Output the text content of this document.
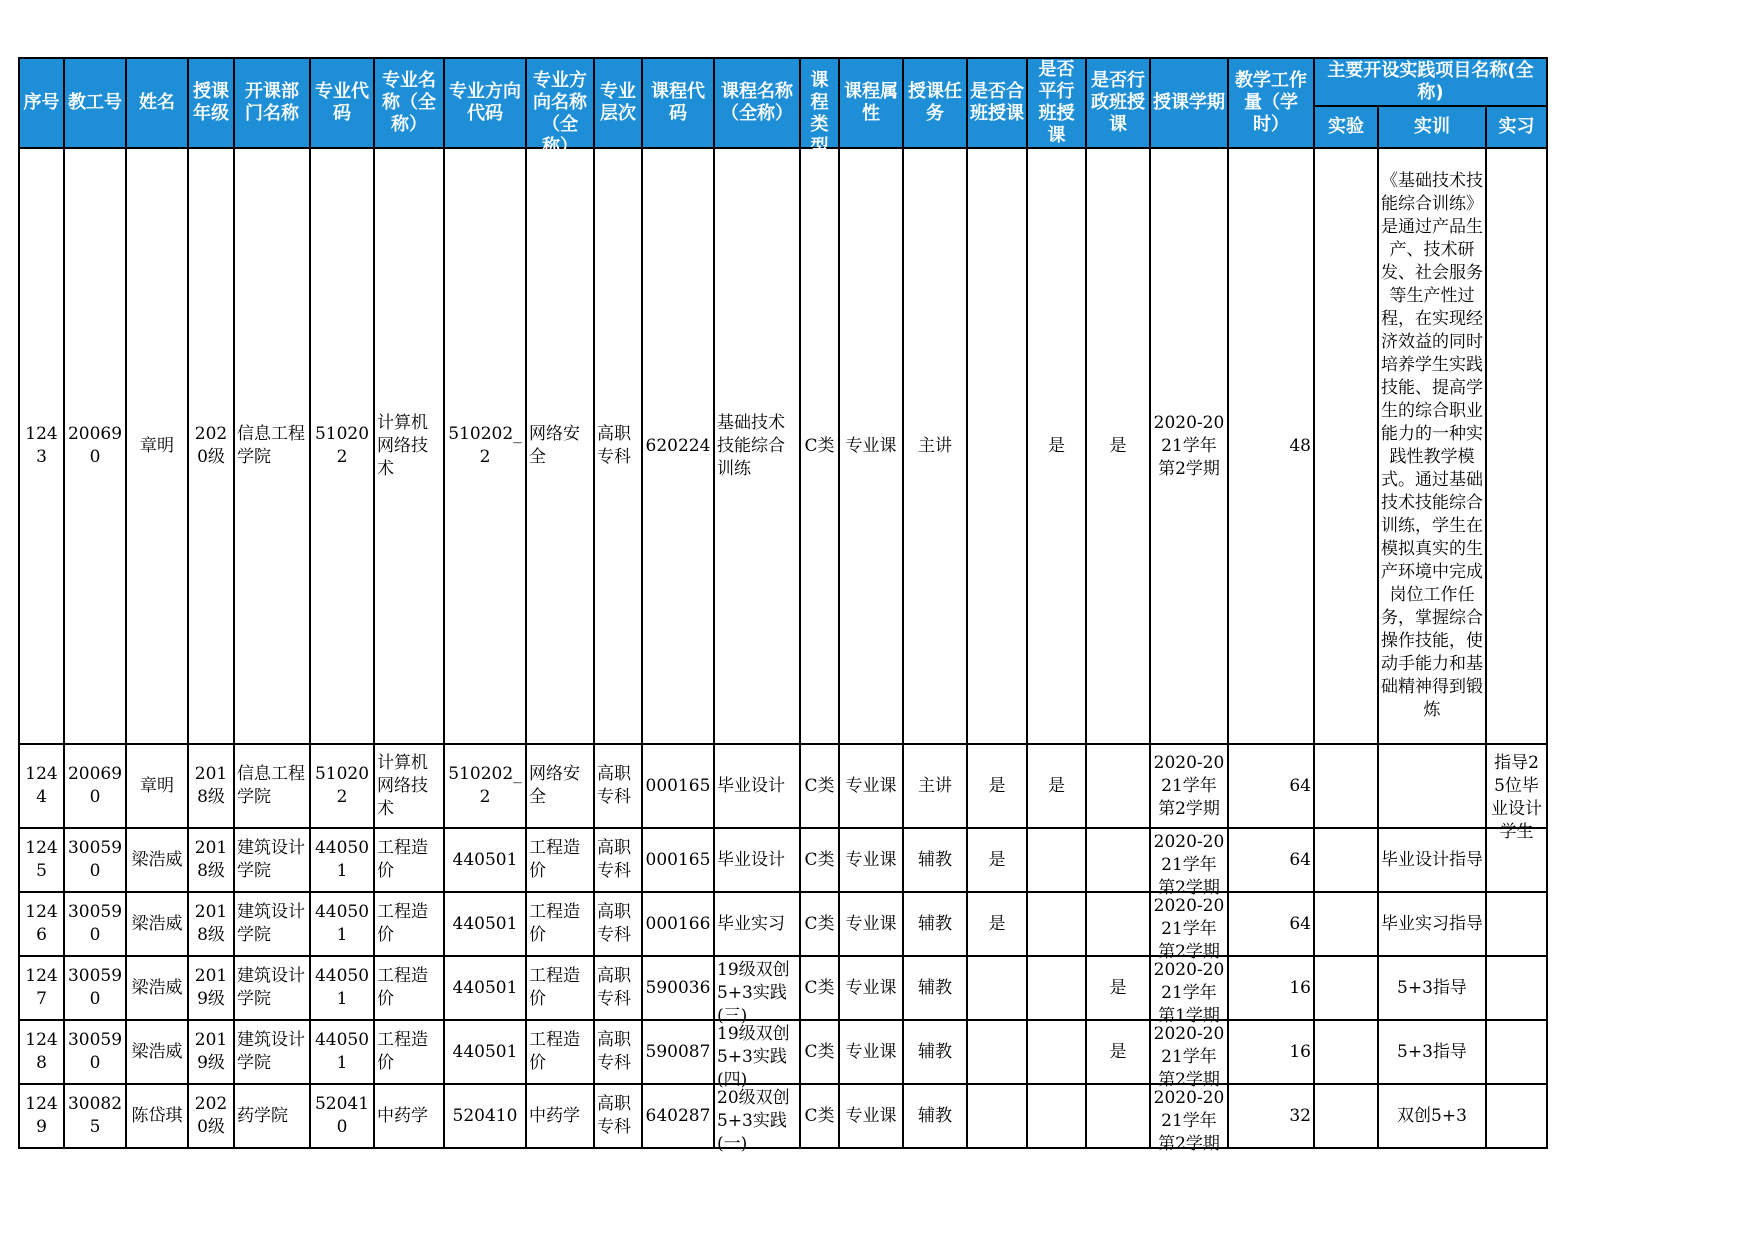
序号	教工号	姓名	授课年级	开课部门名称	专业代码	专业名称（全称）	专业方向代码	专业方向名称（全称）	专业层次	课程代码	课程名称（全称）	课程类型	课程属性	授课任务	是否合班授课	是否平行班授课	是否行政班授课	授课学期	教学工作量（学时）	主要开设实践项目名称(全称)		
																				实验	实训	实习
1243	200690	章明	2020级	信息工程学院	510202	计算机网络技术	510202_2	网络安全	高职专科	620224	基础技术技能综合训练	C类	专业课	主讲		是	是	2020-2021学年第2学期	48		《基础技术技能综合训练》是通过产品生产、技术研发、社会服务等生产性过程，在实现经济效益的同时培养学生实践技能、提高学生的综合职业能力的一种实践性教学模式。通过基础技术技能综合训练，学生在模拟真实的生产环境中完成岗位工作任务，掌握综合操作技能，使动手能力和基础精神得到锻炼	
1244	200690	章明	2018级	信息工程学院	510202	计算机网络技术	510202_2	网络安全	高职专科	000165	毕业设计	C类	专业课	主讲	是	是		2020-2021学年第2学期	64			指导25位毕业设计学生

1245	300590	梁浩威	2018级	建筑设计学院	440501	工程造价	440501	工程造价	高职专科	000165	毕业设计	C类	专业课	辅教	是			2020-2021学年第2学期	64		毕业设计指导	
1246	300590	梁浩威	2018级	建筑设计学院	440501	工程造价	440501	工程造价	高职专科	000166	毕业实习	C类	专业课	辅教	是			2020-2021学年第2学期	64		毕业实习指导	
1247	300590	梁浩威	2019级	建筑设计学院	440501	工程造价	440501	工程造价	高职专科	590036	19级双创5+3实践(三)	C类	专业课	辅教			是	2020-2021学年第1学期	16		5+3指导	
1248	300590	梁浩威	2019级	建筑设计学院	440501	工程造价	440501	工程造价	高职专科	590087	19级双创5+3实践(四)	C类	专业课	辅教			是	2020-2021学年第2学期	16		5+3指导	
1249	300825	陈岱琪	2020级	药学院	520410	中药学	520410	中药学	高职专科	640287	20级双创5+3实践(一)	C类	专业课	辅教				2020-2021学年第2学期	32		双创5+3	
